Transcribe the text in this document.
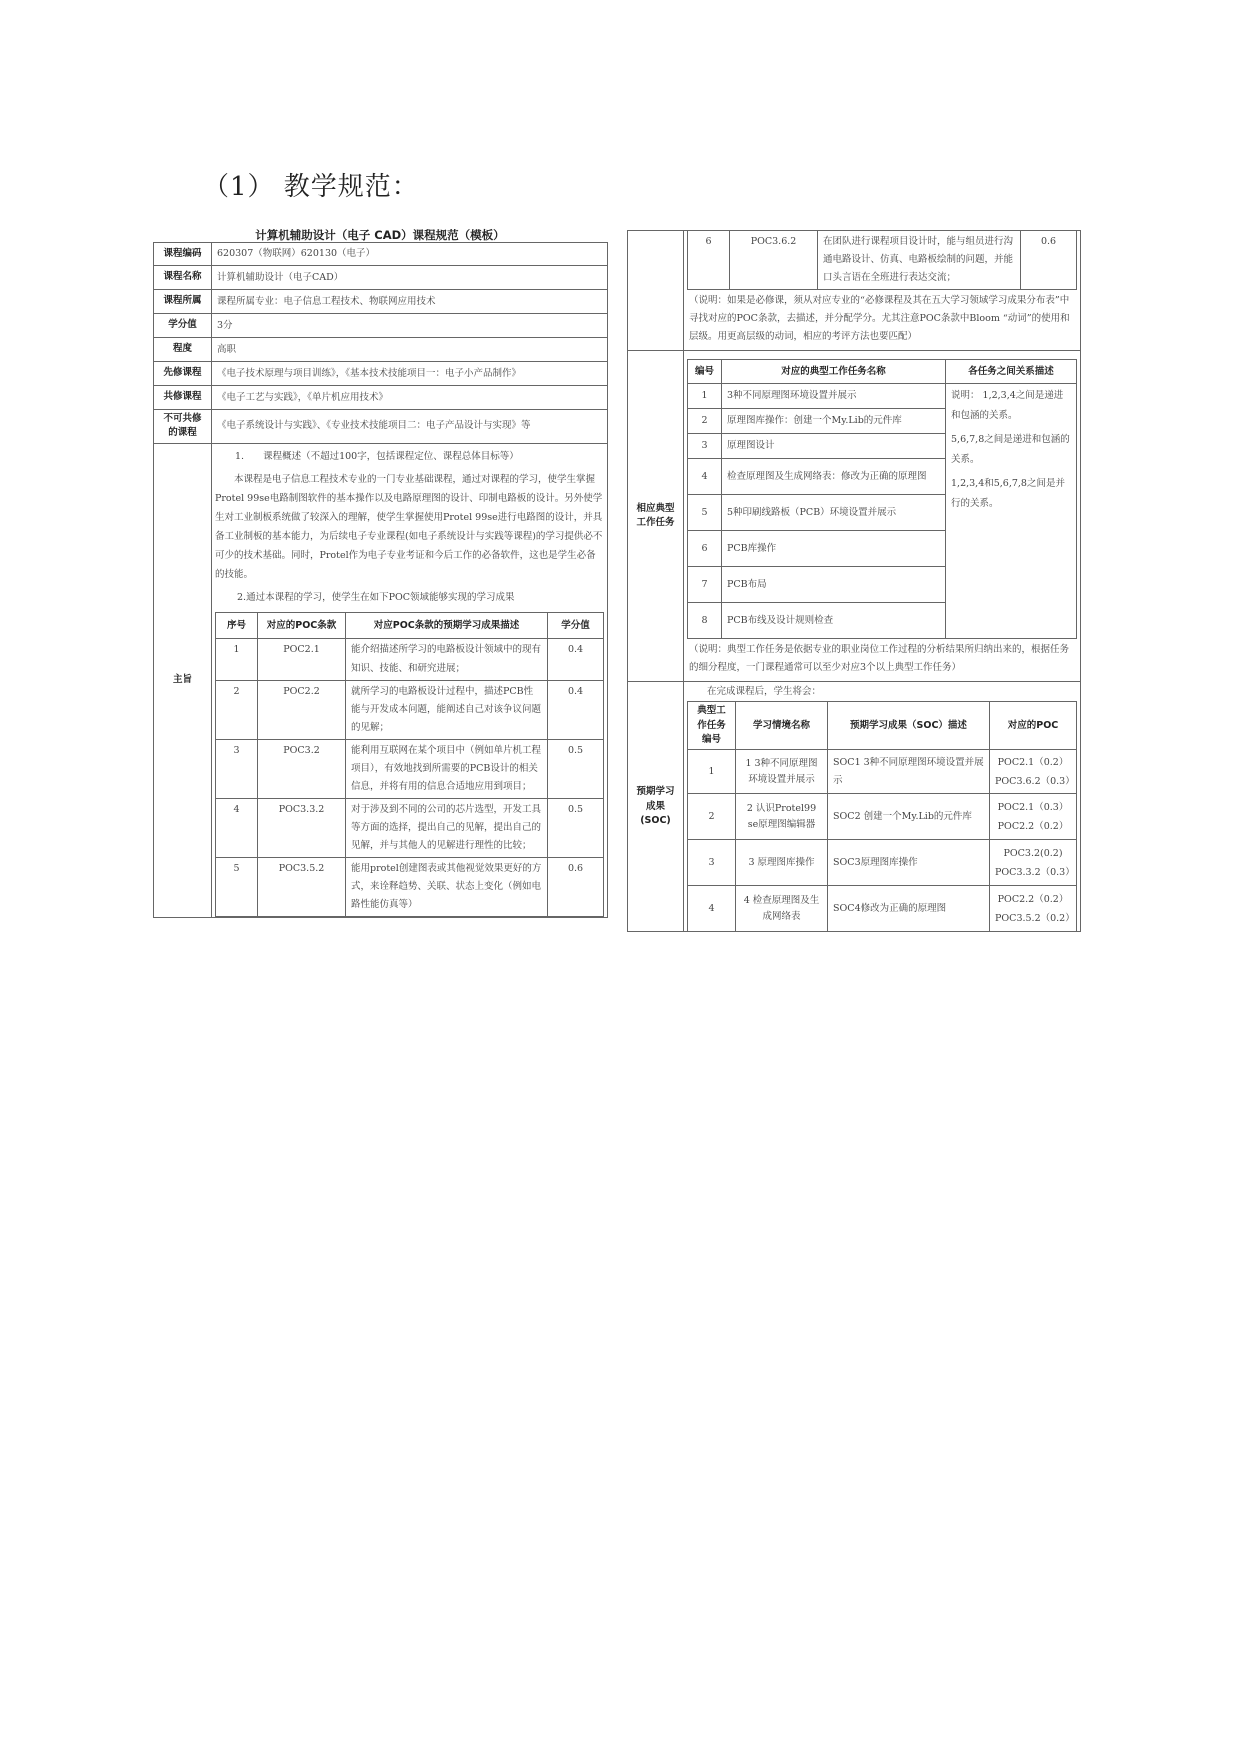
（1） 教学规范：
计算机辅助设计（电子 CAD）课程规范（模板）
课程编码	620307（物联网）620130（电子）
课程名称	计算机辅助设计（电子CAD）
课程所属	课程所属专业：电子信息工程技术、物联网应用技术
学分值	3分
程度	高职
先修课程	《电子技术原理与项目训练》，《基本技术技能项目一：电子小产品制作》
共修课程	《电子工艺与实践》，《单片机应用技术》
不可共修的课程	《电子系统设计与实践》、《专业技术技能项目二：电子产品设计与实现》等
主旨	
1.　　课程概述（不超过100字，包括课程定位、课程总体目标等）

本课程是电子信息工程技术专业的一门专业基础课程，通过对课程的学习，使学生掌握Protel 99se电路制图软件的基本操作以及电路原理图的设计、印制电路板的设计。另外使学生对工业制板系统做了较深入的理解，使学生掌握使用Protel 99se进行电路图的设计，并具备工业制板的基本能力，为后续电子专业课程(如电子系统设计与实践等课程)的学习提供必不可少的技术基础。同时，Protel作为电子专业考证和今后工作的必备软件，这也是学生必备的技能。

2.通过本课程的学习，使学生在如下POC领域能够实现的学习成果
序号	对应的POC条款	对应POC条款的预期学习成果描述	学分值
1	POC2.1	能介绍描述所学习的电路板设计领域中的现有知识、技能、和研究进展；	0.4
2	POC2.2	就所学习的电路板设计过程中，描述PCB性能与开发成本问题，能阐述自己对该争议问题的见解；	0.4
3	POC3.2	能利用互联网在某个项目中（例如单片机工程项目），有效地找到所需要的PCB设计的相关信息，并将有用的信息合适地应用到项目；	0.5
4	POC3.3.2	对于涉及到不同的公司的芯片选型，开发工具等方面的选择，提出自己的见解，提出自己的见解，并与其他人的见解进行理性的比较；	0.5
5	POC3.5.2	能用protel创建图表或其他视觉效果更好的方式，来诠释趋势、关联、状态上变化（例如电路性能仿真等）	0.6

6	POC3.6.2	在团队进行课程项目设计时，能与组员进行沟通电路设计、仿真、电路板绘制的问题，并能口头言语在全班进行表达交流；	0.6
（说明：如果是必修课，须从对应专业的“必修课程及其在五大学习领域学习成果分布表”中寻找对应的POC条款，去描述，并分配学分。尤其注意POC条款中Bloom “动词”的使用和层级。用更高层级的动词，相应的考评方法也要匹配）

相应典型工作任务	
编号	对应的典型工作任务名称	各任务之间关系描述
1	3种不同原理图环境设置并展示	说明： 1,2,3,4之间是递进和包涵的关系。
5,6,7,8之间是递进和包涵的关系。
1,2,3,4和5,6,7,8之间是并行的关系。

2	原理图库操作：创建一个My.Lib的元件库
3	原理图设计
4	检查原理图及生成网络表：修改为正确的原理图
5	5种印刷线路板（PCB）环境设置并展示
6	PCB库操作
7	PCB布局
8	PCB布线及设计规则检查
（说明：典型工作任务是依据专业的职业岗位工作过程的分析结果所归纳出来的，根据任务的细分程度，一门课程通常可以至少对应3个以上典型工作任务）

预期学习成果(SOC)	
在完成课程后，学生将会：
典型工作任务编号	学习情境名称	预期学习成果（SOC）描述	对应的POC
1	1 3种不同原理图环境设置并展示	SOC1 3种不同原理图环境设置并展示	
POC2.1（0.2）
POC3.6.2（0.3）

2	2 认识Protel99 se原理图编辑器	SOC2 创建一个My.Lib的元件库	
POC2.1（0.3）
POC2.2（0.2）

3	3 原理图库操作	SOC3原理图库操作	
POC3.2(0.2)
POC3.3.2（0.3）

4	4 检查原理图及生成网络表	SOC4修改为正确的原理图	
POC2.2（0.2）
POC3.5.2（0.2）
